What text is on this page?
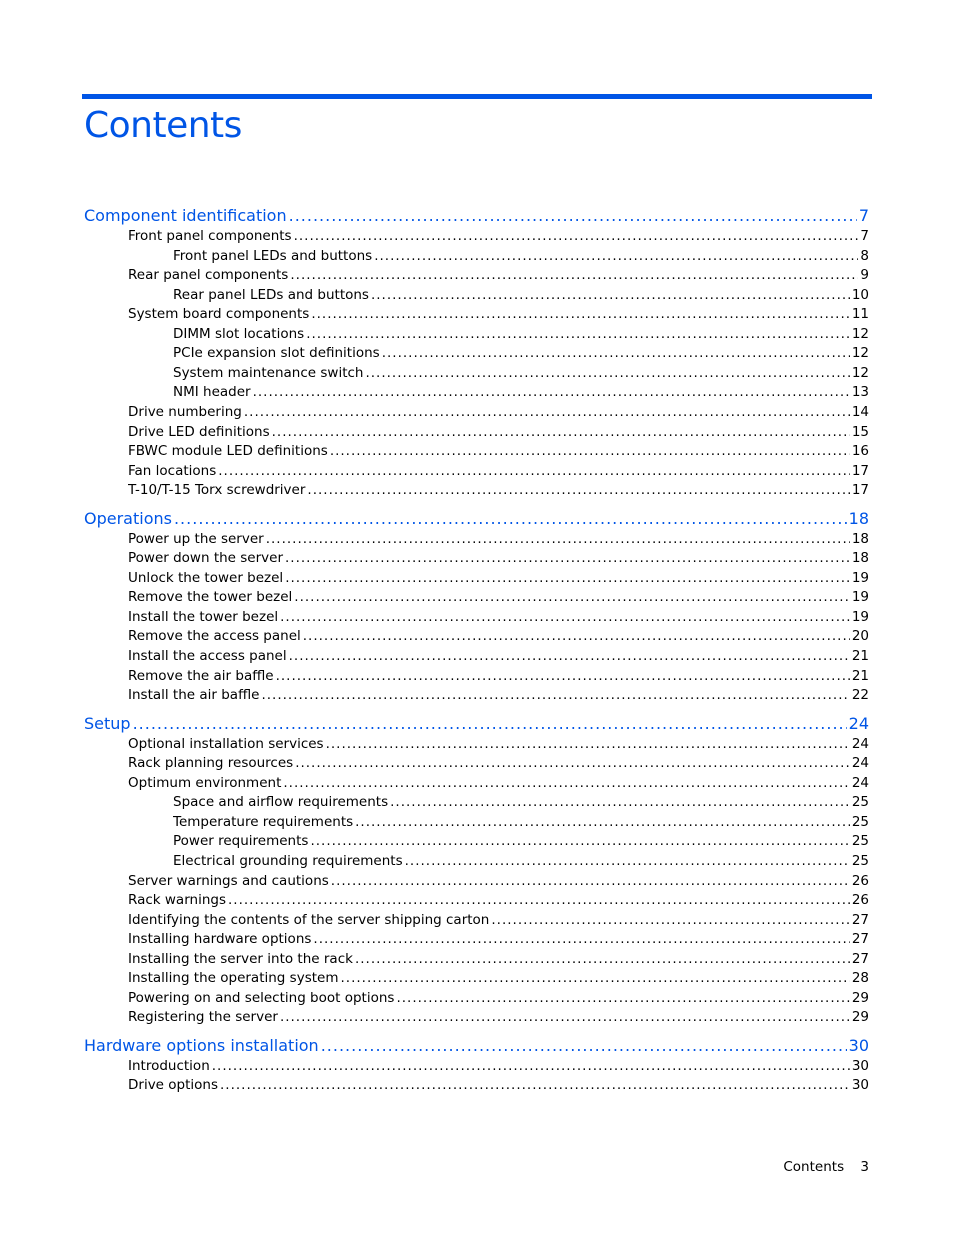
Contents
Component identification .....	7
Front panel components .....	7
Front panel LEDs and buttons .....	8
Rear panel components .....	9
Rear panel LEDs and buttons .....	10
System board components .....	11
DIMM slot locations .....	12
PCIe expansion slot definitions .....	12
System maintenance switch .....	12
NMI header .....	13
Drive numbering .....	14
Drive LED definitions .....	15
FBWC module LED definitions .....	16
Fan locations .....	17
T-10/T-15 Torx screwdriver .....	17
Operations .....	18
Power up the server .....	18
Power down the server .....	18
Unlock the tower bezel .....	19
Remove the tower bezel .....	19
Install the tower bezel .....	19
Remove the access panel .....	20
Install the access panel .....	21
Remove the air baffle .....	21
Install the air baffle .....	22
Setup .....	24
Optional installation services .....	24
Rack planning resources .....	24
Optimum environment .....	24
Space and airflow requirements .....	25
Temperature requirements .....	25
Power requirements .....	25
Electrical grounding requirements .....	25
Server warnings and cautions .....	26
Rack warnings .....	26
Identifying the contents of the server shipping carton .....	27
Installing hardware options .....	27
Installing the server into the rack .....	27
Installing the operating system .....	28
Powering on and selecting boot options .....	29
Registering the server .....	29
Hardware options installation .....	30
Introduction .....	30
Drive options .....	30
Contents 3
